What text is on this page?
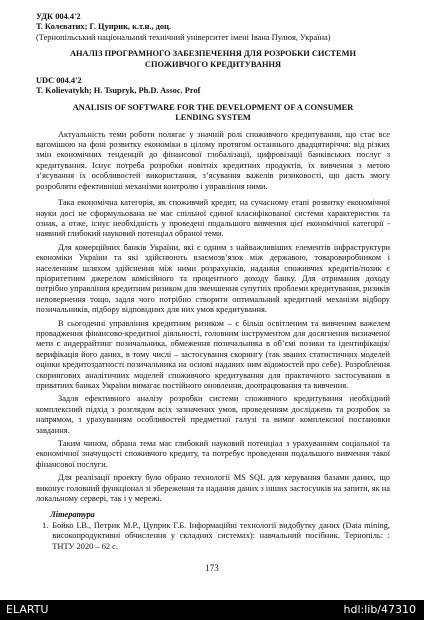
УДК 004.4'2
Т. Колєватих; Г. Цуприк, к.т.н., доц.
(Тернопільський національний технічний університет імені Івана Пулюя, Україна)
АНАЛІЗ ПРОГРАМНОГО ЗАБЕЗПЕЧЕННЯ ДЛЯ РОЗРОБКИ СИСТЕМИ СПОЖИВЧОГО КРЕДИТУВАННЯ
UDC 004.4'2
T. Kolievatykh; H. Tsupryk, Ph.D. Assoc. Prof
ANALISIS OF SOFTWARE FOR THE DEVELOPMENT OF A CONSUMER LENDING SYSTEM

Актуальність теми роботи полягає у значній ролі споживчого кредитування, що стає все вагомішою на фоні розвитку економіки в цілому протягом останнього двадцятиріччя: від різких змін економічних тенденцій до фінансової глобалізації, цифровізації банківських послуг з кредитування. Існує потреба розробки новітніх кредитних продуктів, їх вивчення з метою з’ясування їх особливостей використання, з’ясування важелів ризиковості, що дасть змогу розробляти ефективніші механізми контролю і управління ними.

Така економічна категорія, як споживчий кредит, на сучасному етапі розвитку економічної науки досі не сформульована не має спільної єдиної класифікованої системи характеристик та ознак, а отже, існує необхідність у проведені подальшого вивчення цієї економічної категорії - наявний глибокий науковий потенціал обраної теми.

Для комерційних банків України, які є одним з найважливіших елементів інфраструктури економіки України та які здійснюють взаємозв’язок між державою, товаровиробником і населенням шляхом здійснення між ними розрахунків, надання споживчих кредитів/позик є пріоритетним джерелом комісійного та процентного доходу банку. Для отримання доходу потрібно управління кредитним ризиком для зменшення супутніх проблеми кредитування, ризиків неповернення тощо, задля чого потрібно створити оптимальний кредитний механізм відбору позичальників, підбору відповідних для них умов кредитування.

В сьогоденні управління кредитним ризиком – є більш освітленим та вивченим важелем провадження фінансово-кредитної діяльності, головним інструментом для досягнення визначеної мети є андеррайтинг позичальника, обмеження позичальника в об’ємі позики та ідентифікація/верифікація його даних, в тому числі – застосування скорингу (так званих статистичних моделей оцінки кредитоздатності позичальника на основі наданих ним відомостей про себе). Розроблення скорингових аналітичних моделей споживчого кредитування для практичного застосування в приватних банках України вимагає постійного оновлення, доопрацювання та вивчення.

Задля ефективного аналізу розробки системи споживчого кредитування необхідний комплексний підхід з розглядом всіх зазначених умов, проведенням досліджень та розробок за напрямом, з урахуванням особливостей предметної галузі та вимог комплексної постановки завдання.

Таким чином, обрана тема має глибокий науковий потенціал з урахуванням соціальної та економічної значущості споживчого кредиту, та потребує проведення подальшого вивчення такої фінансової послуги.

Для реалізації проекту було обрано технології MS SQL для керування базами даних, що виконує головний функціонал зі збереження та надання даних з інших застосунків на запити, як на локальному сервері, так і у мережі.

Література
1. Бойко І.В., Петрик М.Р., Цуприк Г.Б. Інформаційні технології видобутку даних (Data mining, високопродуктивні обчислення у складних системах): навчальний посібник. Тернопіль: : ТНТУ 2020 – 62 с.
173
ELARTU	hdl:lib/47310
